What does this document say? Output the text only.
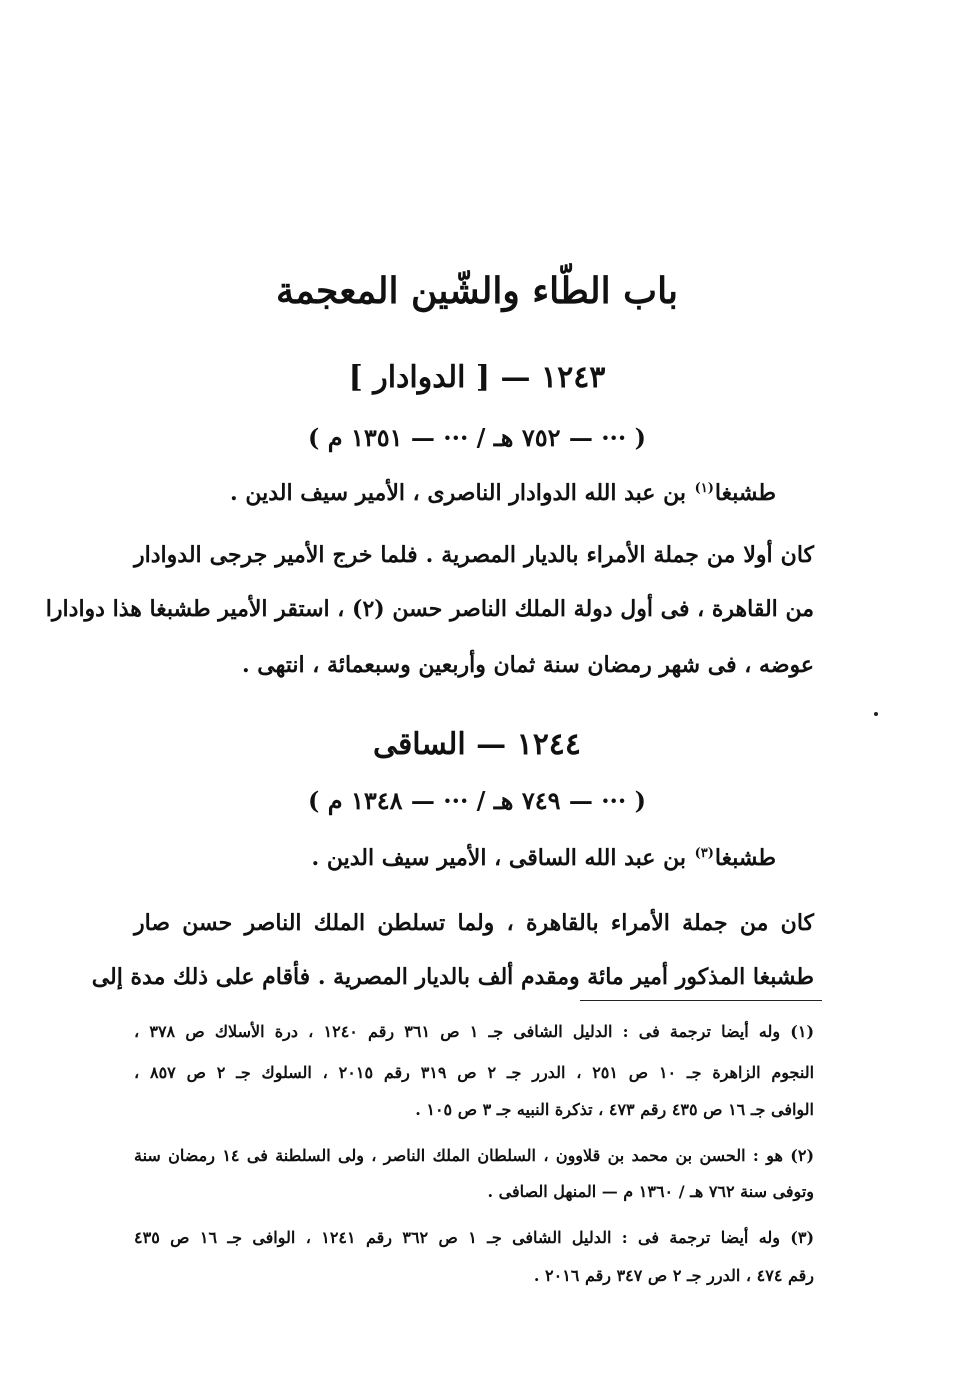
باب الطّاء والشّين المعجمة
١٢٤٣ — [ الدوادار ]
( ··· — ٧٥٢ هـ / ··· — ١٣٥١ م )
طشبغا$^{(١)}$ بن عبد الله الدوادار الناصرى ، الأمير سيف الدين .
كان أولا من جملة الأمراء بالديار المصرية . فلما خرج الأمير جرجى الدوادار
من القاهرة ، فى أول دولة الملك الناصر حسن (٢) ، استقر الأمير طشبغا هذا دوادارا
عوضه ، فى شهر رمضان سنة ثمان وأربعين وسبعمائة ، انتهى .
١٢٤٤ — الساقى
( ··· — ٧٤٩ هـ / ··· — ١٣٤٨ م )
طشبغا$^{(٣)}$ بن عبد الله الساقى ، الأمير سيف الدين .
كان من جملة الأمراء بالقاهرة ، ولما تسلطن الملك الناصر حسن صار
طشبغا المذكور أمير مائة ومقدم ألف بالديار المصرية . فأقام على ذلك مدة إلى
(١) وله أيضا ترجمة فى : الدليل الشافى جـ ١ ص ٣٦١ رقم ١٢٤٠ ، درة الأسلاك ص ٣٧٨ ،
النجوم الزاهرة جـ ١٠ ص ٢٥١ ، الدرر جـ ٢ ص ٣١٩ رقم ٢٠١٥ ، السلوك جـ ٢ ص ٨٥٧ ،
الوافى جـ ١٦ ص ٤٣٥ رقم ٤٧٣ ، تذكرة النبيه جـ ٣ ص ١٠٥ .
(٢) هو : الحسن بن محمد بن قلاوون ، السلطان الملك الناصر ، ولى السلطنة فى ١٤ رمضان سنة
وتوفى سنة ٧٦٢ هـ / ١٣٦٠ م — المنهل الصافى .
(٣) وله أيضا ترجمة فى : الدليل الشافى جـ ١ ص ٣٦٢ رقم ١٢٤١ ، الوافى جـ ١٦ ص ٤٣٥
رقم ٤٧٤ ، الدرر جـ ٢ ص ٣٤٧ رقم ٢٠١٦ .
